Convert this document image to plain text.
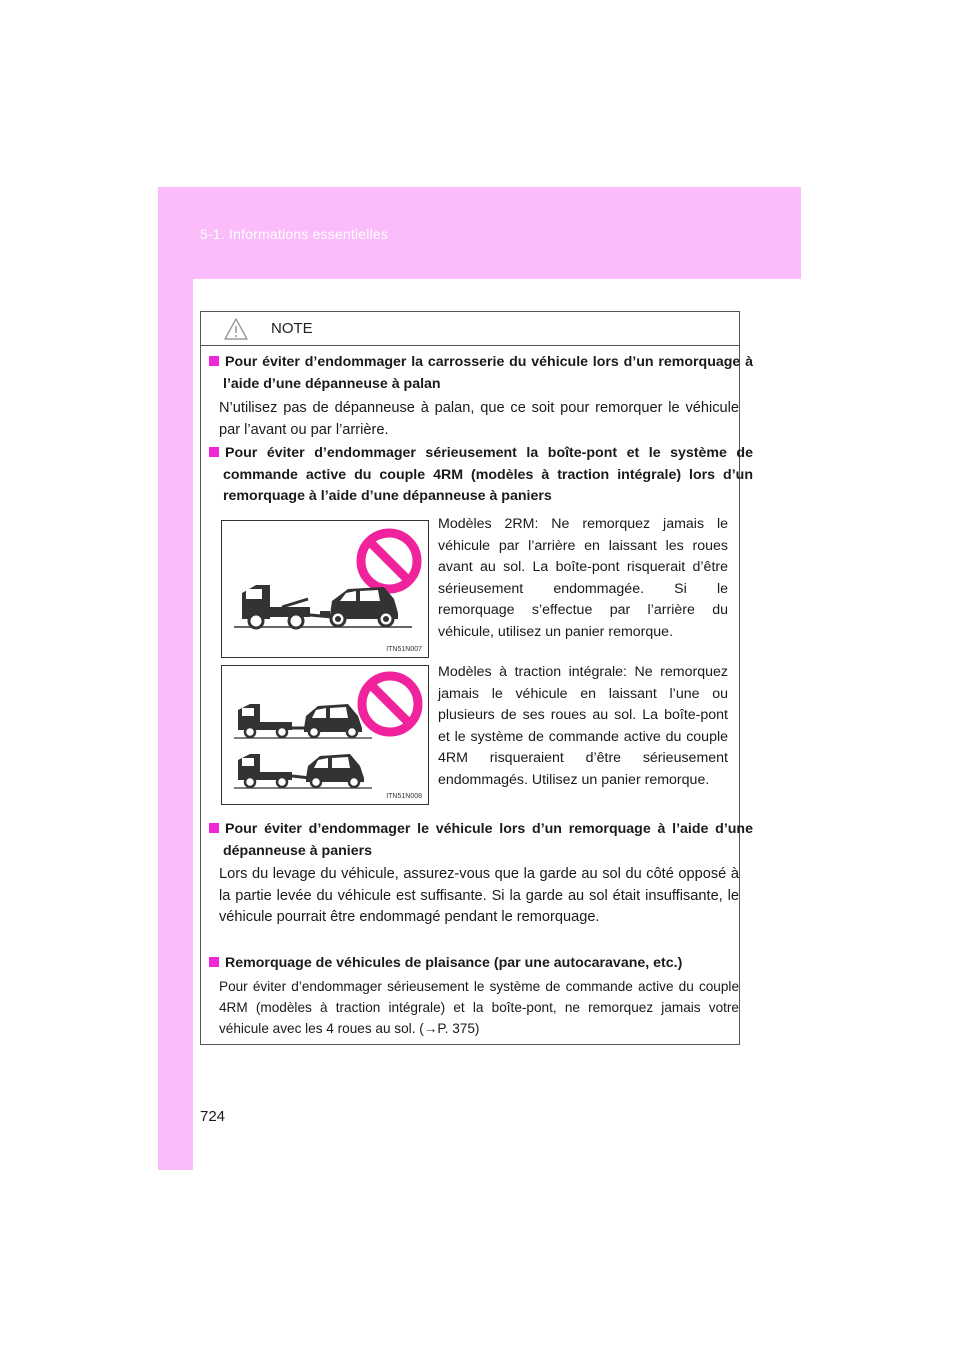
5-1. Informations essentielles
NOTE
Pour éviter d’endommager la carrosserie du véhicule lors d’un remorquage à l’aide d’une dépanneuse à palan
N’utilisez pas de dépanneuse à palan, que ce soit pour remorquer le véhicule par l’avant ou par l’arrière.
Pour éviter d’endommager sérieusement la boîte-pont et le système de commande active du couple 4RM (modèles à traction intégrale) lors d’un remorquage à l’aide d’une dépanneuse à paniers
ITN51N007
Modèles 2RM: Ne remorquez jamais le véhicule par l’arrière en laissant les roues avant au sol. La boîte-pont risquerait d’être sérieusement endommagée. Si le remorquage s’effectue par l’arrière du véhicule, utilisez un panier remorque.
ITN51N008
Modèles à traction intégrale: Ne remorquez jamais le véhicule en laissant l’une ou plusieurs de ses roues au sol. La boîte-pont et le système de commande active du couple 4RM risqueraient d’être sérieusement endommagés. Utilisez un panier remorque.
Pour éviter d’endommager le véhicule lors d’un remorquage à l’aide d’une dépanneuse à paniers
Lors du levage du véhicule, assurez-vous que la garde au sol du côté opposé à la partie levée du véhicule est suffisante. Si la garde au sol était insuffisante, le véhicule pourrait être endommagé pendant le remorquage.
Remorquage de véhicules de plaisance (par une autocaravane, etc.)
Pour éviter d’endommager sérieusement le système de commande active du couple 4RM (modèles à traction intégrale) et la boîte-pont, ne remorquez jamais votre véhicule avec les 4 roues au sol. (→P. 375)
724
